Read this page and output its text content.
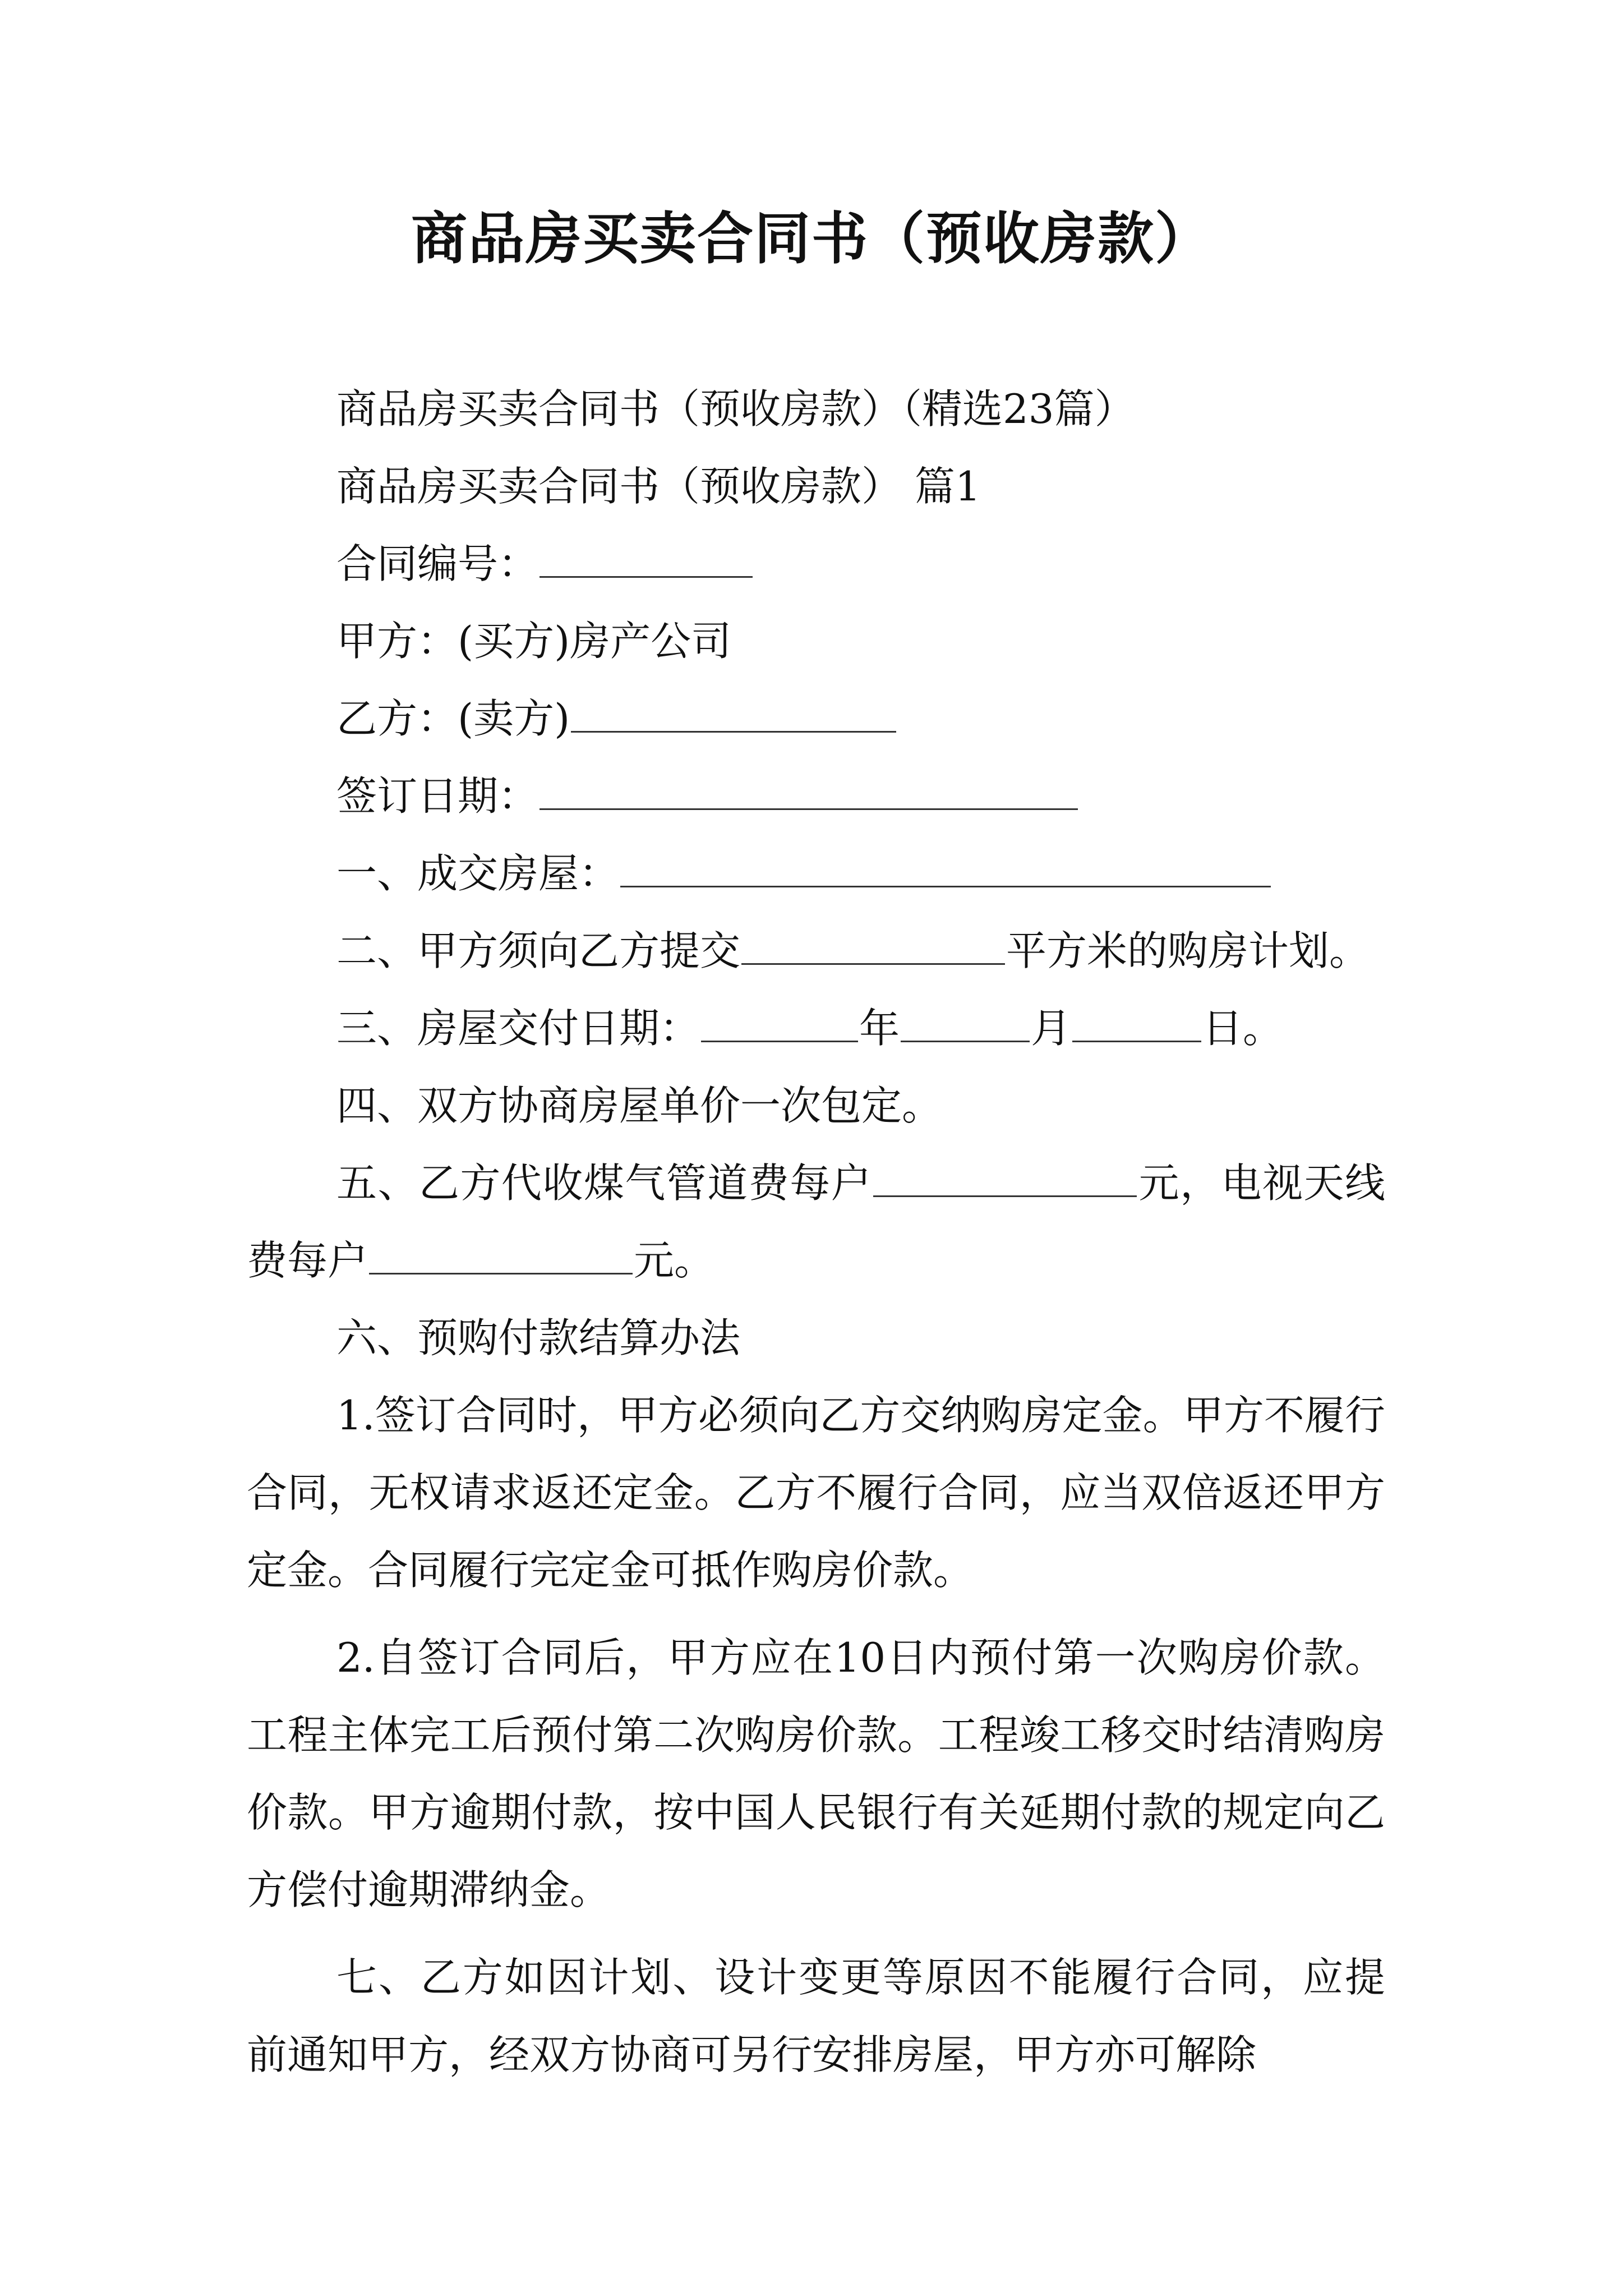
商品房买卖合同书（预收房款）

商品房买卖合同书（预收房款）（精选23篇）

商品房买卖合同书（预收房款） 篇1

合同编号：

甲方：(买方)房产公司

乙方：(卖方)

签订日期：

一、成交房屋：

二、甲方须向乙方提交	平方米的购房计划。

三、房屋交付日期：	年	月	日。

四、双方协商房屋单价一次包定。

五、乙方代收煤气管道费每户	元，电视天线费每户	元。

六、预购付款结算办法

1.签订合同时，甲方必须向乙方交纳购房定金。甲方不履行合同，无权请求返还定金。乙方不履行合同，应当双倍返还甲方定金。合同履行完定金可抵作购房价款。

2.自签订合同后，甲方应在10日内预付第一次购房价款。工程主体完工后预付第二次购房价款。工程竣工移交时结清购房价款。甲方逾期付款，按中国人民银行有关延期付款的规定向乙方偿付逾期滞纳金。

七、乙方如因计划、设计变更等原因不能履行合同，应提前通知甲方，经双方协商可另行安排房屋，甲方亦可解除
